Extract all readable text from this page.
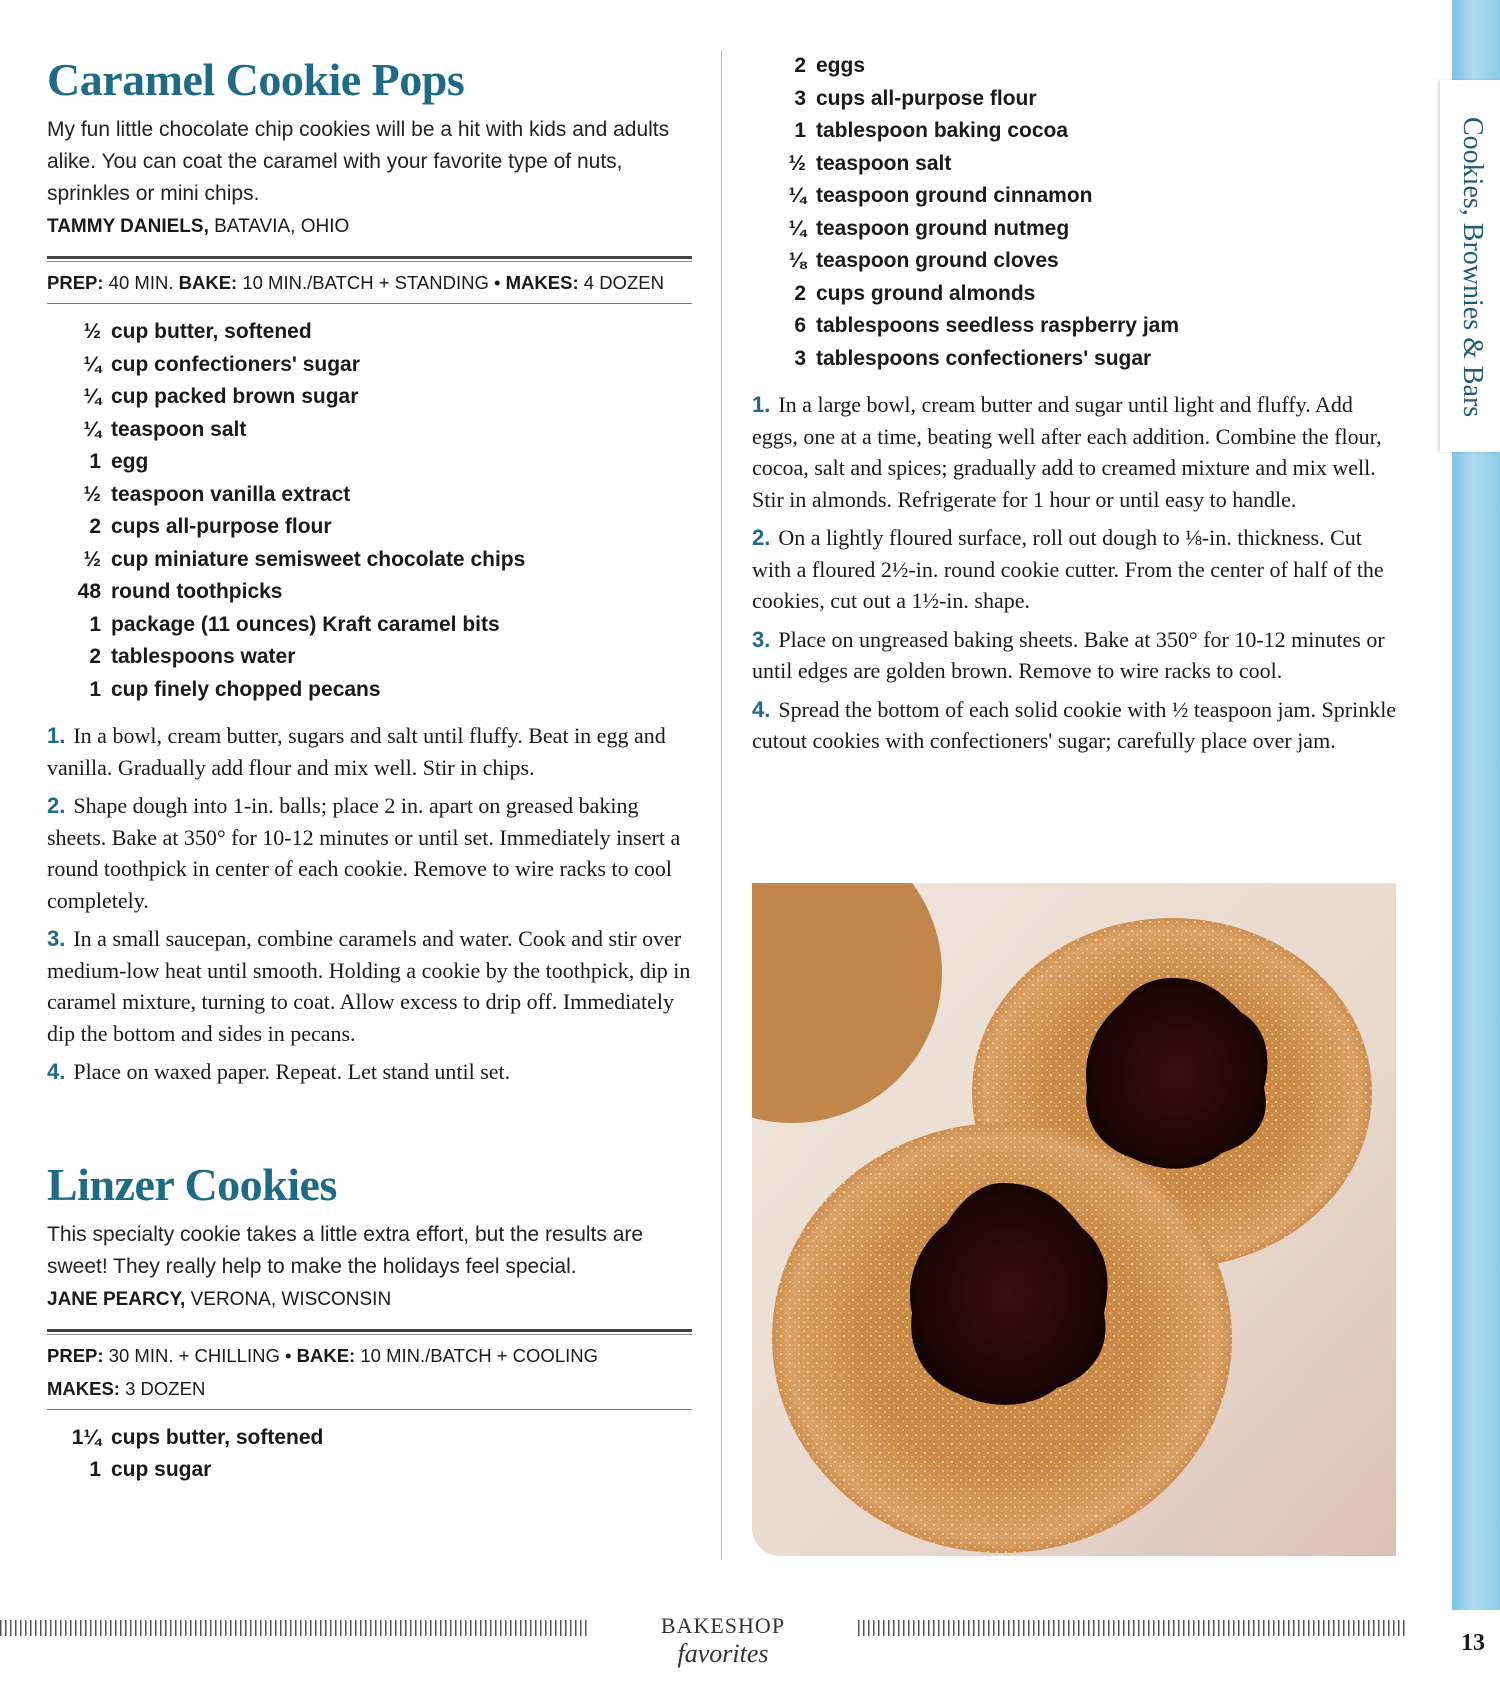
Caramel Cookie Pops

My fun little chocolate chip cookies will be a hit with kids and adults alike. You can coat the caramel with your favorite type of nuts, sprinkles or mini chips.

TAMMY DANIELS, BATAVIA, OHIO

PREP: 40 MIN. BAKE: 10 MIN./BATCH + STANDING • MAKES: 4 DOZEN
½ cup butter, softened
¼ cup confectioners' sugar
¼ cup packed brown sugar
¼ teaspoon salt
1 egg
½ teaspoon vanilla extract
2 cups all-purpose flour
½ cup miniature semisweet chocolate chips
48 round toothpicks
1 package (11 ounces) Kraft caramel bits
2 tablespoons water
1 cup finely chopped pecans
1. In a bowl, cream butter, sugars and salt until fluffy. Beat in egg and vanilla. Gradually add flour and mix well. Stir in chips.
2. Shape dough into 1-in. balls; place 2 in. apart on greased baking sheets. Bake at 350° for 10-12 minutes or until set. Immediately insert a round toothpick in center of each cookie. Remove to wire racks to cool completely.
3. In a small saucepan, combine caramels and water. Cook and stir over medium-low heat until smooth. Holding a cookie by the toothpick, dip in caramel mixture, turning to coat. Allow excess to drip off. Immediately dip the bottom and sides in pecans.
4. Place on waxed paper. Repeat. Let stand until set.
Linzer Cookies

This specialty cookie takes a little extra effort, but the results are sweet! They really help to make the holidays feel special.

JANE PEARCY, VERONA, WISCONSIN

PREP: 30 MIN. + CHILLING • BAKE: 10 MIN./BATCH + COOLING
MAKES: 3 DOZEN
1¼ cups butter, softened
1 cup sugar
2 eggs
3 cups all-purpose flour
1 tablespoon baking cocoa
½ teaspoon salt
¼ teaspoon ground cinnamon
¼ teaspoon ground nutmeg
⅛ teaspoon ground cloves
2 cups ground almonds
6 tablespoons seedless raspberry jam
3 tablespoons confectioners' sugar
1. In a large bowl, cream butter and sugar until light and fluffy. Add eggs, one at a time, beating well after each addition. Combine the flour, cocoa, salt and spices; gradually add to creamed mixture and mix well. Stir in almonds. Refrigerate for 1 hour or until easy to handle.
2. On a lightly floured surface, roll out dough to ⅛-in. thickness. Cut with a floured 2½-in. round cookie cutter. From the center of half of the cookies, cut out a 1½-in. shape.
3. Place on ungreased baking sheets. Bake at 350° for 10-12 minutes or until edges are golden brown. Remove to wire racks to cool.
4. Spread the bottom of each solid cookie with ½ teaspoon jam. Sprinkle cutout cookies with confectioners' sugar; carefully place over jam.
Cookies, Brownies & Bars
BAKESHOP favorites	13
